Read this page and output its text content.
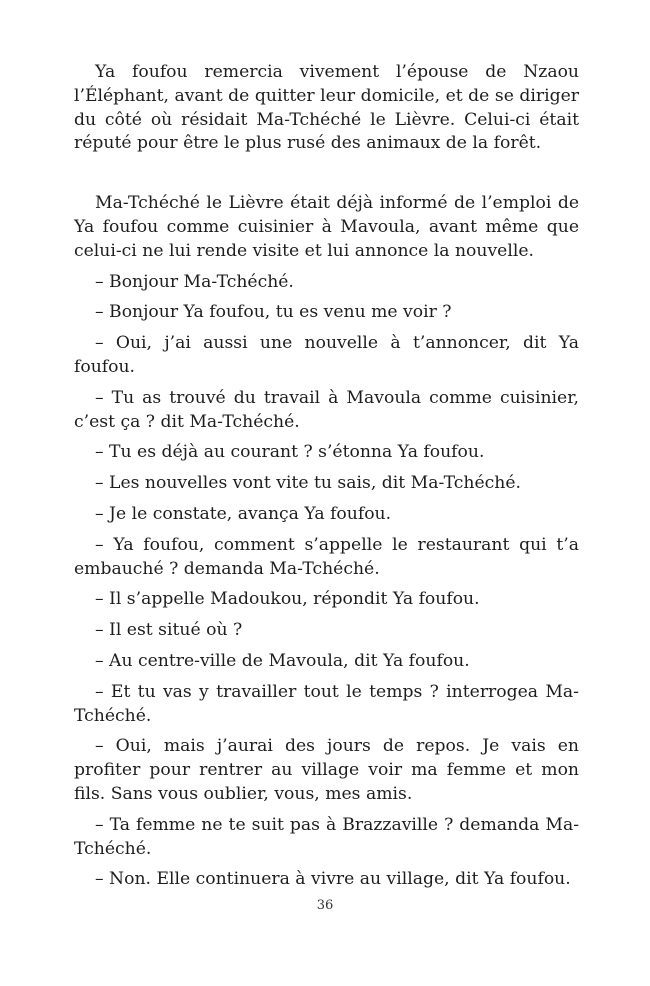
Ya foufou remercia vivement l’épouse de Nzaou l’Éléphant, avant de quitter leur domicile, et de se diriger du côté où résidait Ma-Tchéché le Lièvre. Celui-ci était réputé pour être le plus rusé des animaux de la forêt.

Ma-Tchéché le Lièvre était déjà informé de l’emploi de Ya foufou comme cuisinier à Mavoula, avant même que celui-ci ne lui rende visite et lui annonce la nouvelle.

– Bonjour Ma-Tchéché.

– Bonjour Ya foufou, tu es venu me voir ?

– Oui, j’ai aussi une nouvelle à t’annoncer, dit Ya foufou.

– Tu as trouvé du travail à Mavoula comme cuisinier, c’est ça ? dit Ma-Tchéché.

– Tu es déjà au courant ? s’étonna Ya foufou.

– Les nouvelles vont vite tu sais, dit Ma-Tchéché.

– Je le constate, avança Ya foufou.

– Ya foufou, comment s’appelle le restaurant qui t’a embauché ? demanda Ma-Tchéché.

– Il s’appelle Madoukou, répondit Ya foufou.

– Il est situé où ?

– Au centre-ville de Mavoula, dit Ya foufou.

– Et tu vas y travailler tout le temps ? interrogea Ma-Tchéché.

– Oui, mais j’aurai des jours de repos. Je vais en profiter pour rentrer au village voir ma femme et mon fils. Sans vous oublier, vous, mes amis.

– Ta femme ne te suit pas à Brazzaville ? demanda Ma-Tchéché.

– Non. Elle continuera à vivre au village, dit Ya foufou.

36
